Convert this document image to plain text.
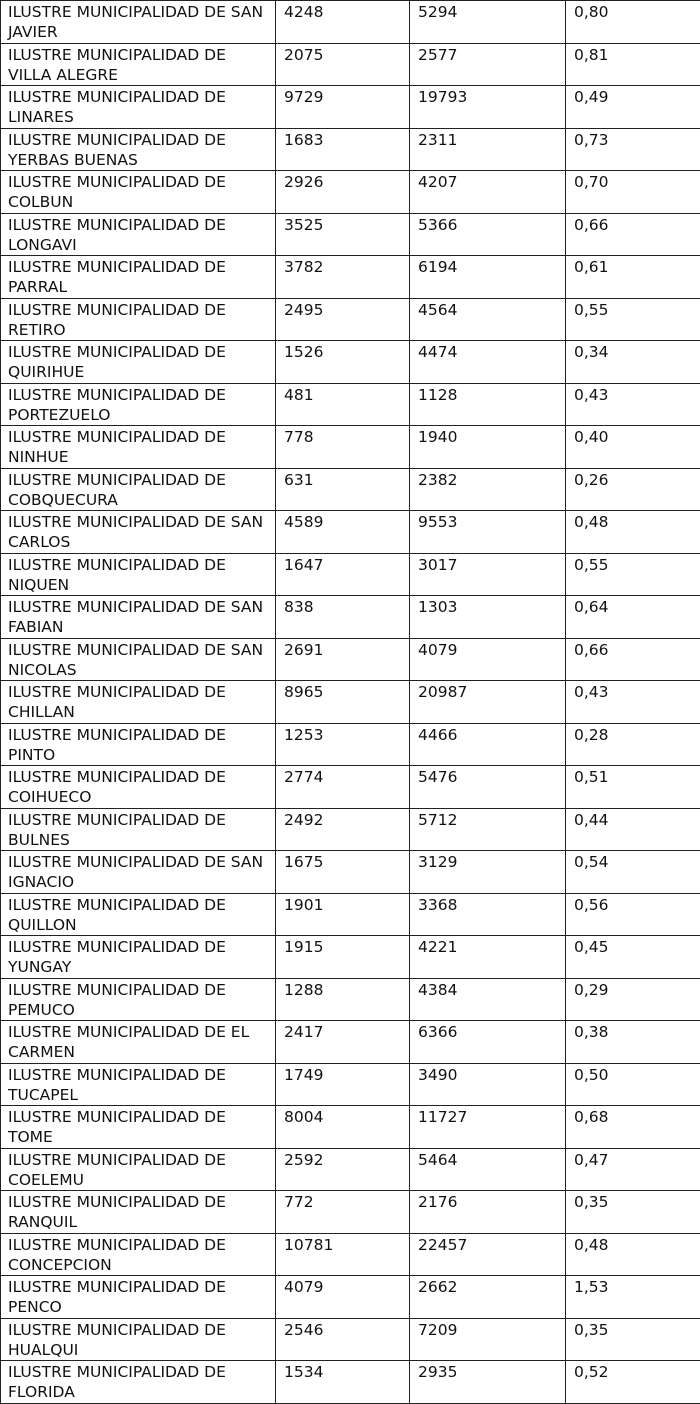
ILUSTRE MUNICIPALIDAD DE SAN JAVIER	4248	5294	0,80
ILUSTRE MUNICIPALIDAD DE VILLA ALEGRE	2075	2577	0,81
ILUSTRE MUNICIPALIDAD DE LINARES	9729	19793	0,49
ILUSTRE MUNICIPALIDAD DE YERBAS BUENAS	1683	2311	0,73
ILUSTRE MUNICIPALIDAD DE COLBUN	2926	4207	0,70
ILUSTRE MUNICIPALIDAD DE LONGAVI	3525	5366	0,66
ILUSTRE MUNICIPALIDAD DE PARRAL	3782	6194	0,61
ILUSTRE MUNICIPALIDAD DE RETIRO	2495	4564	0,55
ILUSTRE MUNICIPALIDAD DE QUIRIHUE	1526	4474	0,34
ILUSTRE MUNICIPALIDAD DE PORTEZUELO	481	1128	0,43
ILUSTRE MUNICIPALIDAD DE NINHUE	778	1940	0,40
ILUSTRE MUNICIPALIDAD DE COBQUECURA	631	2382	0,26
ILUSTRE MUNICIPALIDAD DE SAN CARLOS	4589	9553	0,48
ILUSTRE MUNICIPALIDAD DE NIQUEN	1647	3017	0,55
ILUSTRE MUNICIPALIDAD DE SAN FABIAN	838	1303	0,64
ILUSTRE MUNICIPALIDAD DE SAN NICOLAS	2691	4079	0,66
ILUSTRE MUNICIPALIDAD DE CHILLAN	8965	20987	0,43
ILUSTRE MUNICIPALIDAD DE PINTO	1253	4466	0,28
ILUSTRE MUNICIPALIDAD DE COIHUECO	2774	5476	0,51
ILUSTRE MUNICIPALIDAD DE BULNES	2492	5712	0,44
ILUSTRE MUNICIPALIDAD DE SAN IGNACIO	1675	3129	0,54
ILUSTRE MUNICIPALIDAD DE QUILLON	1901	3368	0,56
ILUSTRE MUNICIPALIDAD DE YUNGAY	1915	4221	0,45
ILUSTRE MUNICIPALIDAD DE PEMUCO	1288	4384	0,29
ILUSTRE MUNICIPALIDAD DE EL CARMEN	2417	6366	0,38
ILUSTRE MUNICIPALIDAD DE TUCAPEL	1749	3490	0,50
ILUSTRE MUNICIPALIDAD DE TOME	8004	11727	0,68
ILUSTRE MUNICIPALIDAD DE COELEMU	2592	5464	0,47
ILUSTRE MUNICIPALIDAD DE RANQUIL	772	2176	0,35
ILUSTRE MUNICIPALIDAD DE CONCEPCION	10781	22457	0,48
ILUSTRE MUNICIPALIDAD DE PENCO	4079	2662	1,53
ILUSTRE MUNICIPALIDAD DE HUALQUI	2546	7209	0,35
ILUSTRE MUNICIPALIDAD DE FLORIDA	1534	2935	0,52
